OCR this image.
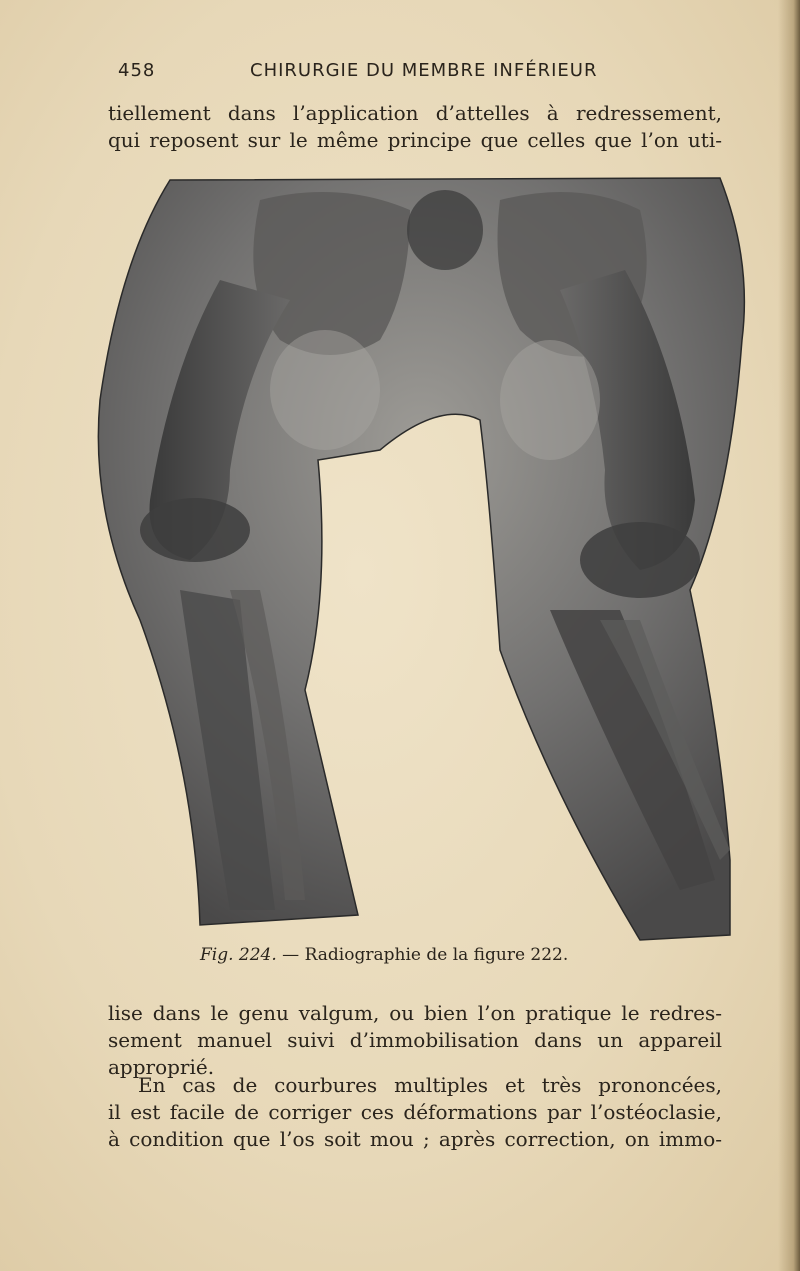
458	CHIRURGIE DU MEMBRE INFÉRIEUR
tiellement dans l’application d’attelles à redressement,
qui reposent sur le même principe que celles que l’on uti-
Fig. 224. — Radiographie de la figure 222.
lise dans le genu valgum, ou bien l’on pratique le redres-
sement manuel suivi d’immobilisation dans un appareil
approprié.
En cas de courbures multiples et très prononcées,
il est facile de corriger ces déformations par l’ostéoclasie,
à condition que l’os soit mou ; après correction, on immo-
